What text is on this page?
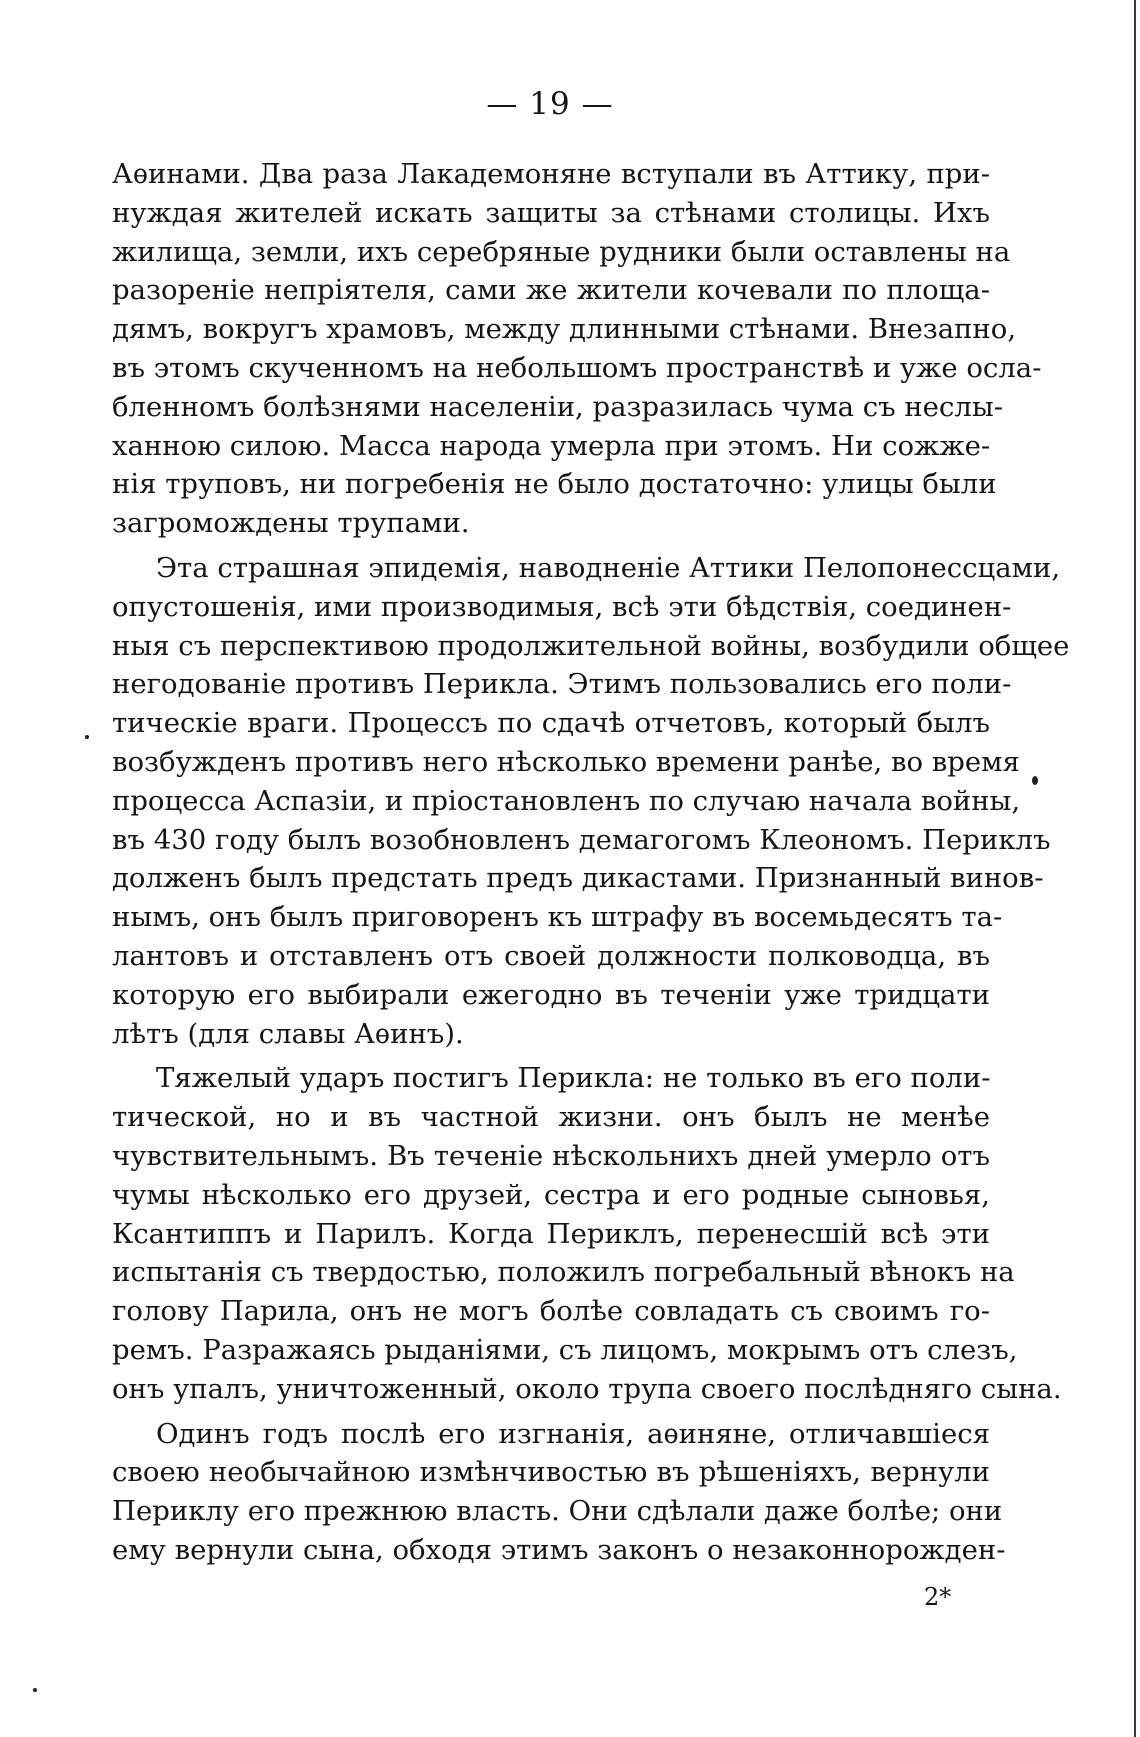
— 19 —
Аѳинами. Два раза Лакадемоняне вступали въ Аттику, при-
нуждая жителей искать защиты за стѣнами столицы. Ихъ
жилища, земли, ихъ серебряные рудники были оставлены на
разореніе непріятеля, сами же жители кочевали по площа-
дямъ, вокругъ храмовъ, между длинными стѣнами. Внезапно,
въ этомъ скученномъ на небольшомъ пространствѣ и уже осла-
бленномъ болѣзнями населеніи, разразилась чума съ неслы-
ханною силою. Масса народа умерла при этомъ. Ни сожже-
нія труповъ, ни погребенія не было достаточно: улицы были
загромождены трупами.
Эта страшная эпидемія, наводненіе Аттики Пелопонессцами,
опустошенія, ими производимыя, всѣ эти бѣдствія, соединен-
ныя съ перспективою продолжительной войны, возбудили общее
негодованіе противъ Перикла. Этимъ пользовались его поли-
тическіе враги. Процессъ по сдачѣ отчетовъ, который былъ
возбужденъ противъ него нѣсколько времени ранѣе, во время
процесса Аспазіи, и пріостановленъ по случаю начала войны,
въ 430 году былъ возобновленъ демагогомъ Клеономъ. Периклъ
долженъ былъ предстать предъ дикастами. Признанный винов-
нымъ, онъ былъ приговоренъ къ штрафу въ восемьдесятъ та-
лантовъ и отставленъ отъ своей должности полководца, въ
которую его выбирали ежегодно въ теченіи уже тридцати
лѣтъ (для славы Аѳинъ).
Тяжелый ударъ постигъ Перикла: не только въ его поли-
тической, но и въ частной жизни. онъ былъ не менѣе
чувствительнымъ. Въ теченіе нѣскольнихъ дней умерло отъ
чумы нѣсколько его друзей, сестра и его родные сыновья,
Ксантиппъ и Парилъ. Когда Периклъ, перенесшій всѣ эти
испытанія съ твердостью, положилъ погребальный вѣнокъ на
голову Парила, онъ не могъ болѣе совладать съ своимъ го-
ремъ. Разражаясь рыданіями, съ лицомъ, мокрымъ отъ слезъ,
онъ упалъ, уничтоженный, около трупа своего послѣдняго сына.
Одинъ годъ послѣ его изгнанія, аѳиняне, отличавшіеся
своею необычайною измѣнчивостью въ рѣшеніяхъ, вернули
Периклу его прежнюю власть. Они сдѣлали даже болѣе; они
ему вернули сына, обходя этимъ законъ о незаконнорожден-
2*
